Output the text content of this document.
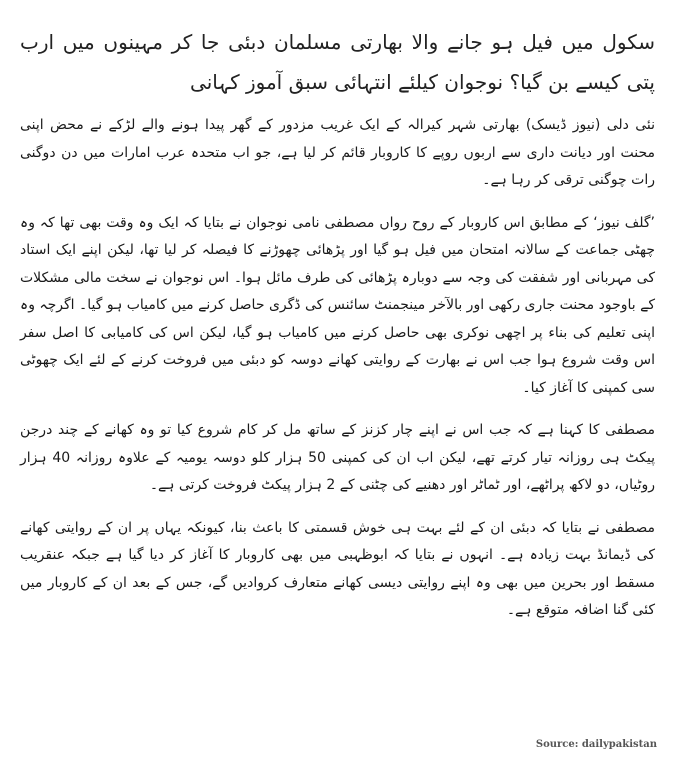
سکول میں فیل ہو جانے والا بھارتی مسلمان دبئی جا کر مہینوں میں ارب پتی کیسے بن گیا؟ نوجوان کیلئے انتہائی سبق آموز کہانی

نئی دلی (نیوز ڈیسک) بھارتی شہر کیرالہ کے ایک غریب مزدور کے گھر پیدا ہونے والے لڑکے نے محض اپنی محنت اور دیانت داری سے اربوں روپے کا کاروبار قائم کر لیا ہے، جو اب متحدہ عرب امارات میں دن دوگنی رات چوگنی ترقی کر رہا ہے۔

’گلف نیوز‘ کے مطابق اس کاروبار کے روح رواں مصطفی نامی نوجوان نے بتایا کہ ایک وہ وقت بھی تھا کہ وہ چھٹی جماعت کے سالانہ امتحان میں فیل ہو گیا اور پڑھائی چھوڑنے کا فیصلہ کر لیا تھا، لیکن اپنے ایک استاد کی مہربانی اور شفقت کی وجہ سے دوبارہ پڑھائی کی طرف مائل ہوا۔ اس نوجوان نے سخت مالی مشکلات کے باوجود محنت جاری رکھی اور بالآخر مینجمنٹ سائنس کی ڈگری حاصل کرنے میں کامیاب ہو گیا۔ اگرچہ وہ اپنی تعلیم کی بناء پر اچھی نوکری بھی حاصل کرنے میں کامیاب ہو گیا، لیکن اس کی کامیابی کا اصل سفر اس وقت شروع ہوا جب اس نے بھارت کے روایتی کھانے دوسہ کو دبئی میں فروخت کرنے کے لئے ایک چھوٹی سی کمپنی کا آغاز کیا۔

مصطفی کا کہنا ہے کہ جب اس نے اپنے چار کزنز کے ساتھ مل کر کام شروع کیا تو وہ کھانے کے چند درجن پیکٹ ہی روزانہ تیار کرتے تھے، لیکن اب ان کی کمپنی 50 ہزار کلو دوسہ یومیہ کے علاوہ روزانہ 40 ہزار روٹیاں، دو لاکھ پراٹھے، اور ٹماٹر اور دھنیے کی چٹنی کے 2 ہزار پیکٹ فروخت کرتی ہے۔

مصطفی نے بتایا کہ دبئی ان کے لئے بہت ہی خوش قسمتی کا باعث بنا، کیونکہ یہاں پر ان کے روایتی کھانے کی ڈیمانڈ بہت زیادہ ہے۔ انہوں نے بتایا کہ ابوظہبی میں بھی کاروبار کا آغاز کر دیا گیا ہے جبکہ عنقریب مسقط اور بحرین میں بھی وہ اپنے روایتی دیسی کھانے متعارف کروادیں گے، جس کے بعد ان کے کاروبار میں کئی گنا اضافہ متوقع ہے۔

Source: dailypakistan
